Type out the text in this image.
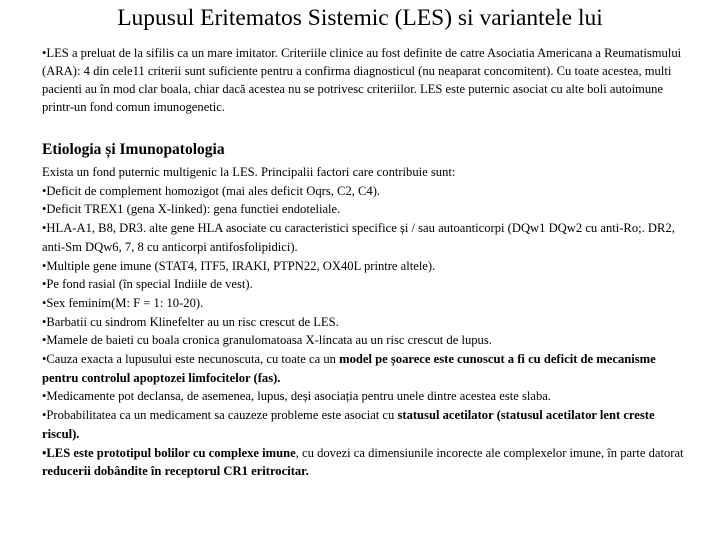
Lupusul Eritematos Sistemic (LES) si variantele lui

•LES a preluat de la sifilis ca un mare imitator. Criteriile clinice au fost definite de catre Asociatia Americana a Reumatismului (ARA): 4 din cele11 criterii sunt suficiente pentru a confirma diagnosticul (nu neaparat concomitent). Cu toate acestea, multi pacienti au în mod clar boala, chiar dacă acestea nu se potrivesc criteriilor. LES este puternic asociat cu alte boli autoimune printr-un fond comun imunogenetic.

Etiologia și Imunopatologia

Exista un fond puternic multigenic la LES. Principalii factori care contribuie sunt:

•Deficit de complement homozigot (mai ales deficit Oqrs, C2, C4).

•Deficit TREX1 (gena X-linked): gena functiei endoteliale.

•HLA-A1, B8, DR3. alte gene HLA asociate cu caracteristici specifice și / sau autoanticorpi (DQw1 DQw2 cu anti-Ro;. DR2, anti-Sm DQw6, 7, 8 cu anticorpi antifosfolipidici).

•Multiple gene imune (STAT4, ITF5, IRAKI, PTPN22, OX40L printre altele).

•Pe fond rasial (în special Indiile de vest).

•Sex feminim(M: F = 1: 10-20).

•Barbatii cu sindrom Klinefelter au un risc crescut de LES.

•Mamele de baieti cu boala cronica granulomatoasa X-lincata au un risc crescut de lupus.

•Cauza exacta a lupusului este necunoscuta, cu toate ca un model pe șoarece este cunoscut a fi cu deficit de mecanisme pentru controlul apoptozei limfocitelor (fas).

•Medicamente pot declansa, de asemenea, lupus, deși asociația pentru unele dintre acestea este slaba.

•Probabilitatea ca un medicament sa cauzeze probleme este asociat cu statusul acetilator (statusul acetilator lent creste riscul).

•LES este prototipul bolilor cu complexe imune, cu dovezi ca dimensiunile incorecte ale complexelor imune, în parte datorat reducerii dobândite în receptorul CR1 eritrocitar.
